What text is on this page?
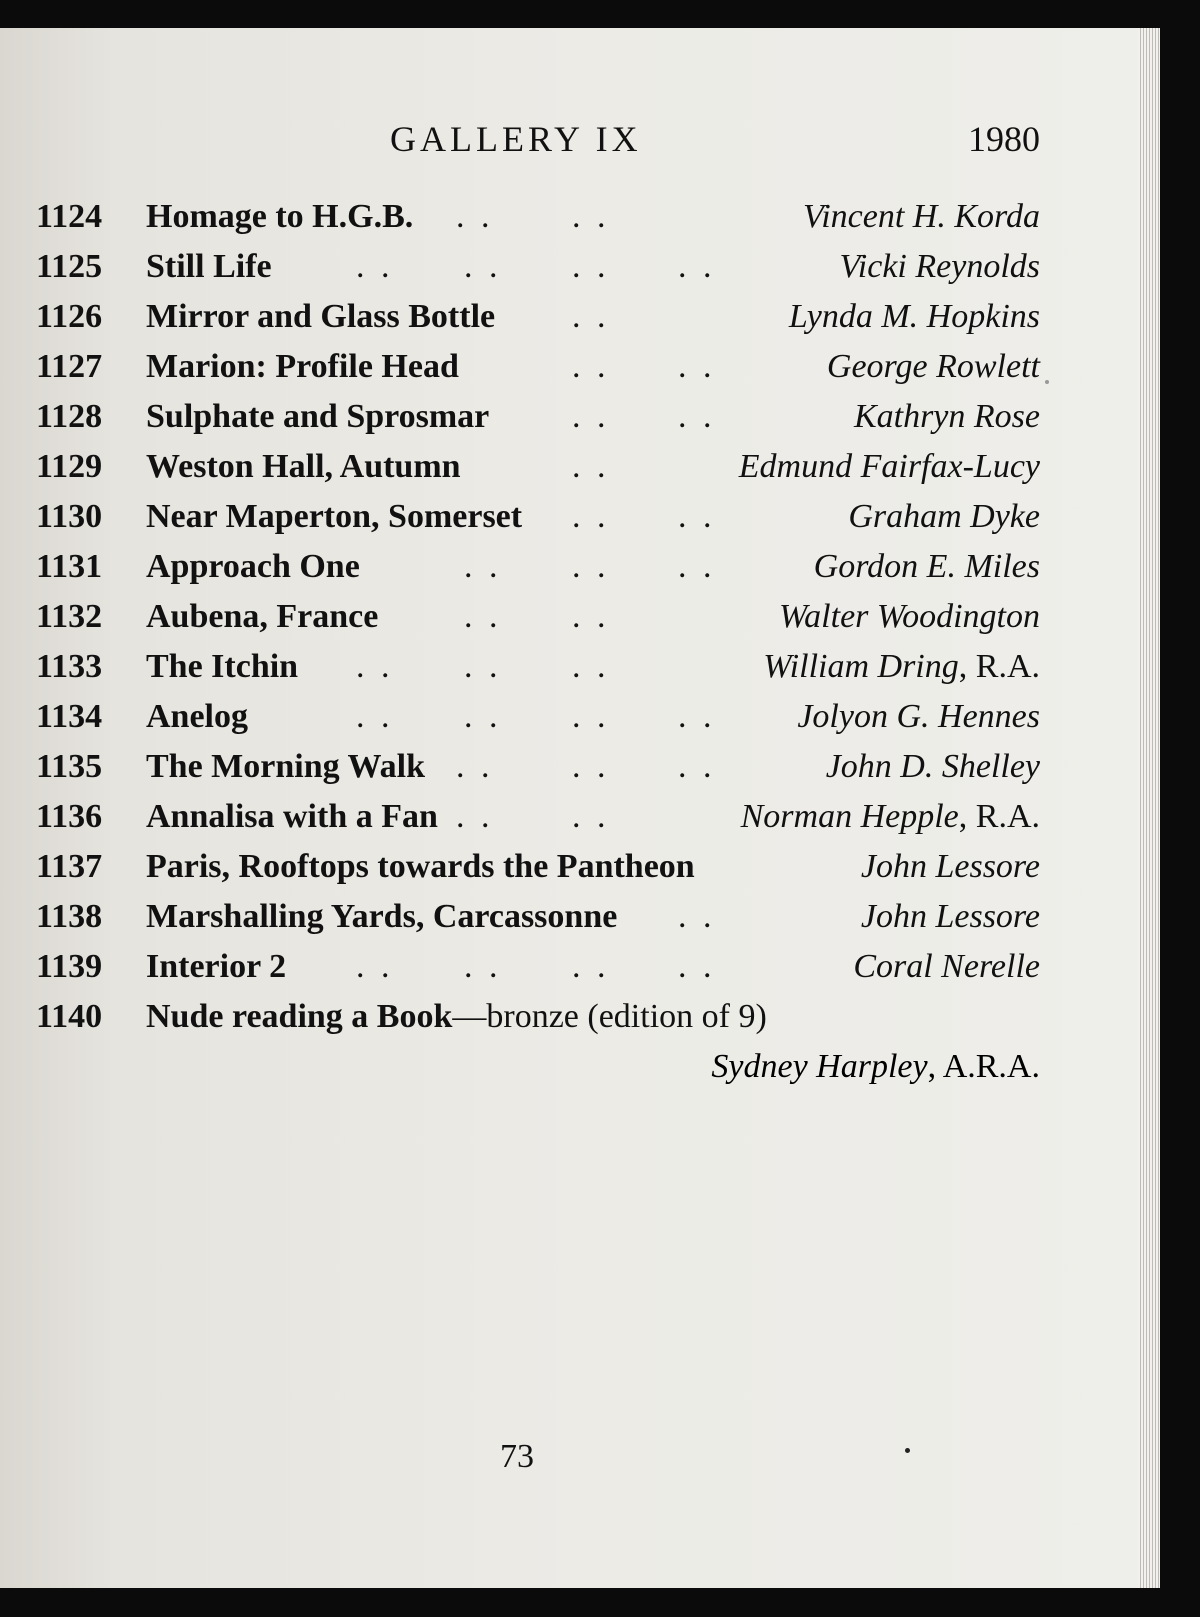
GALLERY IX	1980
1124 Homage to H.G.B. . . . .	Vincent H. Korda
1125 Still Life . . . . . . . .	Vicki Reynolds
1126 Mirror and Glass Bottle . .	Lynda M. Hopkins
1127 Marion: Profile Head	. . . .	George Rowlett
1128 Sulphate and Sprosmar . . . .	Kathryn Rose
1129 Weston Hall, Autumn	. .	Edmund Fairfax-Lucy
1130 Near Maperton, Somerset . . . .	Graham Dyke
1131 Approach One	. . . . . .	Gordon E. Miles
1132 Aubena, France	. . . .	Walter Woodington
1133 The Itchin . . . . . .	William Dring, R.A.
1134 Anelog	. . . . . . . . Jolyon G. Hennes
1135 The Morning Walk . . . . . .	John D. Shelley
1136 Annalisa with a Fan . . . .	Norman Hepple, R.A.
1137 Paris, Rooftops towards the Pantheon	John Lessore
1138 Marshalling Yards, Carcassonne . .	John Lessore
1139 Interior 2 . . . . . . . .	Coral Nerelle
1140 Nude reading a Book—bronze (edition of 9)
Sydney Harpley, A.R.A.
73
